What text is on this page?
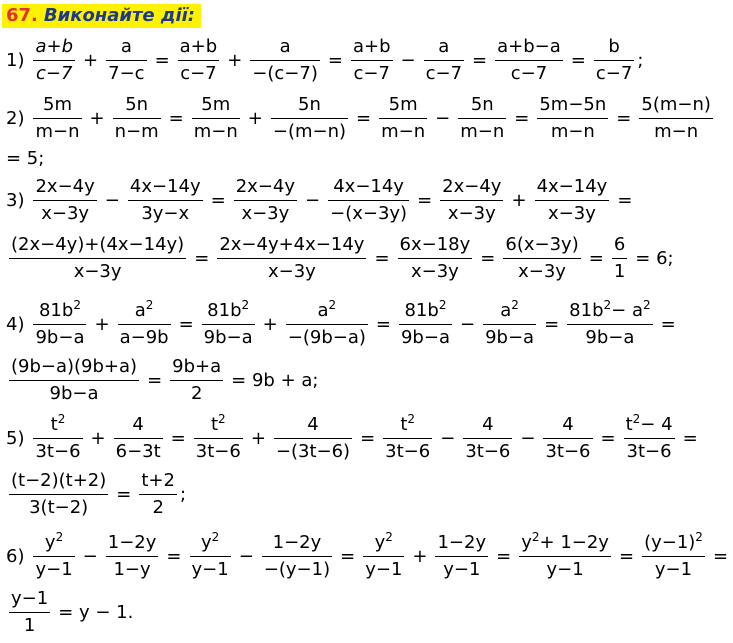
67. Виконайте дії:
$1) \frac{a+b}{c-7} + \frac{a}{7-c} = \frac{a+b}{c-7} + \frac{a}{-(c-7)} = \frac{a+b}{c-7} - \frac{a}{c-7} = \frac{a+b-a}{c-7} = \frac{b}{c-7}$ ;
$2) \frac{5m}{m-n} + \frac{5n}{n-m} = \frac{5m}{m-n} + \frac{5n}{-(m-n)} = \frac{5m}{m-n} - \frac{5n}{m-n} = \frac{5m-5n}{m-n} = \frac{5(m-n)}{m-n}$
= 5;
$3) \frac{2x-4y}{x-3y} - \frac{4x-14y}{3y-x} = \frac{2x-4y}{x-3y} - \frac{4x-14y}{-(x-3y)} = \frac{2x-4y}{x-3y} + \frac{4x-14y}{x-3y}$ =
$\frac{(2x-4y)+(4x-14y)}{x-3y} = \frac{2x-4y+4x-14y}{x-3y} = \frac{6x-18y}{x-3y} = \frac{6(x-3y)}{x-3y} = \frac{6}{1} = 6$;
$4) \frac{81b^2}{9b-a} + \frac{a^2}{a-9b} = \frac{81b^2}{9b-a} + \frac{a^2}{-(9b-a)} = \frac{81b^2}{9b-a} - \frac{a^2}{9b-a} = \frac{81b^2- a^2}{9b-a}$ =
$\frac{(9b-a)(9b+a)}{9b-a} = \frac{9b+a}{2} = 9b + a$;
$5) \frac{t^2}{3t-6} + \frac{4}{6-3t} = \frac{t^2}{3t-6} + \frac{4}{-(3t-6)} = \frac{t^2}{3t-6} - \frac{4}{3t-6} - \frac{4}{3t-6} = \frac{t^2- 4}{3t-6}$ =
$\frac{(t-2)(t+2)}{3(t-2)} = \frac{t+2}{2}$ ;
$6) \frac{y^2}{y-1} - \frac{1-2y}{1-y} = \frac{y^2}{y-1} - \frac{1-2y}{-(y-1)} = \frac{y^2}{y-1} + \frac{1-2y}{y-1} = \frac{y^2+ 1-2y}{y-1} = \frac{(y-1)^2}{y-1}$ =
$\frac{y-1}{1} = y - 1$.
